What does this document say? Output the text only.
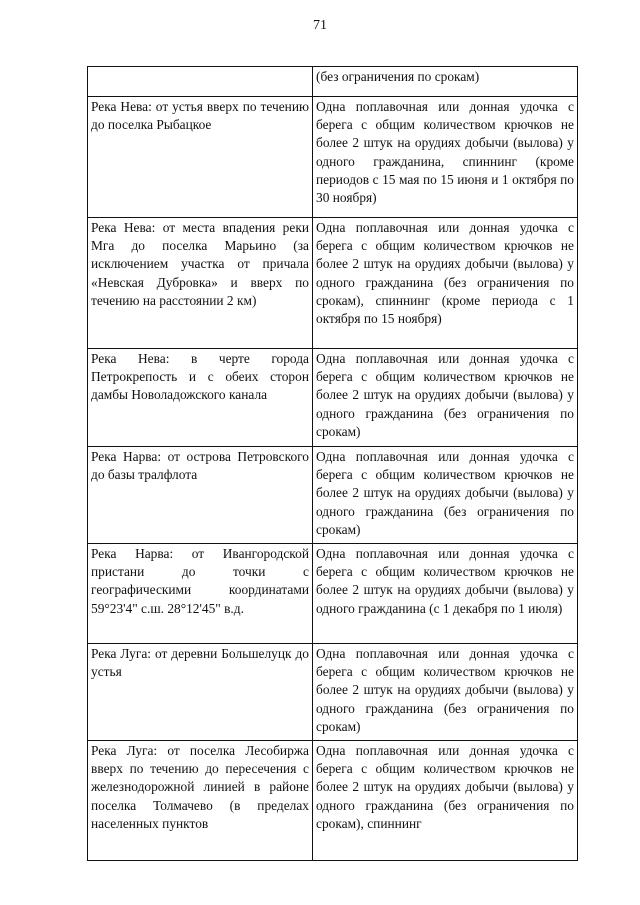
71

	(без ограничения по срокам)

Река Нева: от устья вверх по течению до поселка Рыбацкое	Одна поплавочная или донная удочка с берега с общим количеством крючков не более 2 штук на орудиях добычи (вылова) у одного гражданина, спиннинг (кроме периодов с 15 мая по 15 июня и 1 октября по 30 ноября)

Река Нева: от места впадения реки Мга до поселка Марьино (за исключением участка от причала «Невская Дубровка» и вверх по течению на расстоянии 2 км)	Одна поплавочная или донная удочка с берега с общим количеством крючков не более 2 штук на орудиях добычи (вылова) у одного гражданина (без ограничения по срокам), спиннинг (кроме периода с 1 октября по 15 ноября)

Река Нева: в черте города Петрокрепость и с обеих сторон дамбы Новоладожского канала	Одна поплавочная или донная удочка с берега с общим количеством крючков не более 2 штук на орудиях добычи (вылова) у одного гражданина (без ограничения по срокам)

Река Нарва: от острова Петровского до базы тралфлота	Одна поплавочная или донная удочка с берега с общим количеством крючков не более 2 штук на орудиях добычи (вылова) у одного гражданина (без ограничения по срокам)

Река Нарва: от Ивангородской пристани до точки с географическими координатами 59°23'4" с.ш. 28°12'45" в.д.	Одна поплавочная или донная удочка с берега с общим количеством крючков не более 2 штук на орудиях добычи (вылова) у одного гражданина (с 1 декабря по 1 июля)

Река Луга: от деревни Большелуцк до устья	Одна поплавочная или донная удочка с берега с общим количеством крючков не более 2 штук на орудиях добычи (вылова) у одного гражданина (без ограничения по срокам)

Река Луга: от поселка Лесобиржа вверх по течению до пересечения с железнодорожной линией в районе поселка Толмачево (в пределах населенных пунктов	Одна поплавочная или донная удочка с берега с общим количеством крючков не более 2 штук на орудиях добычи (вылова) у одного гражданина (без ограничения по срокам), спиннинг
